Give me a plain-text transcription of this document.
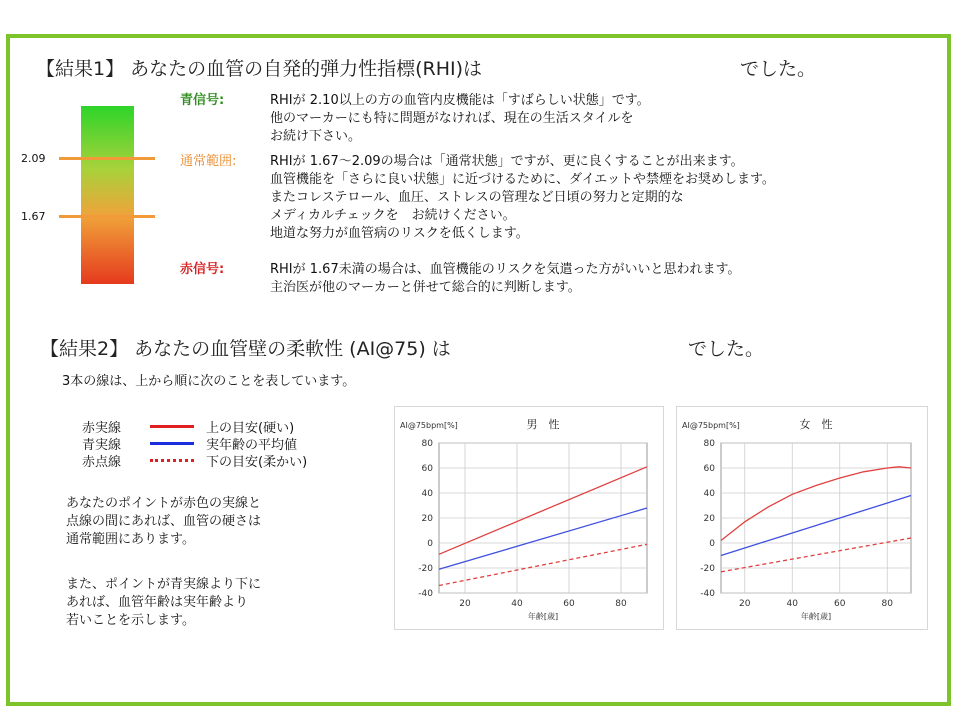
【結果1】 あなたの血管の自発的弾力性指標(RHI)は	でした。
2.09
1.67
青信号:	RHIが 2.10以上の方の血管内皮機能は「すばらしい状態」です。
他のマーカーにも特に問題がなければ、現在の生活スタイルを
お続け下さい。
通常範囲:	RHIが 1.67〜2.09の場合は「通常状態」ですが、更に良くすることが出来ます。
血管機能を「さらに良い状態」に近づけるために、ダイエットや禁煙をお奨めします。
またコレステロール、血圧、ストレスの管理など日頃の努力と定期的な
メディカルチェックを　お続けください。
地道な努力が血管病のリスクを低くします。
赤信号:	RHIが 1.67未満の場合は、血管機能のリスクを気遣った方がいいと思われます。
主治医が他のマーカーと併せて総合的に判断します。
【結果2】 あなたの血管壁の柔軟性 (AI@75) は	でした。
3本の線は、上から順に次のことを表しています。
赤実線	上の目安(硬い)
青実線	実年齢の平均値
赤点線	下の目安(柔かい)
あなたのポイントが赤色の実線と
点線の間にあれば、血管の硬さは
通常範囲にあります。
また、ポイントが青実線より下に
あれば、血管年齢は実年齢より
若いことを示します。
AI@75bpm[%]	男　性
80
60
40
20
0
-20
-40
20	40	60	80
年齢[歳]
AI@75bpm[%]	女　性
80
60
40
20
0
-20
-40
20	40	60	80
年齢[歳]
